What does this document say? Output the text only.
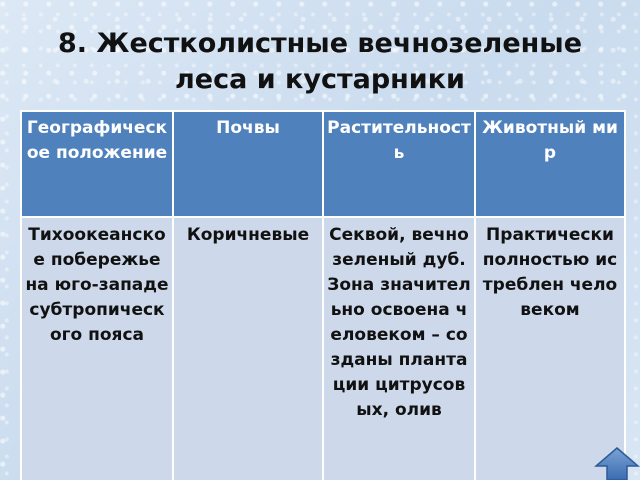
8. Жестколистные вечнозеленые
леса и кустарники
Географическое положение	Почвы	Растительность	Животный мир
Тихоокеанское побережье на юго-западе субтропического пояса	Коричневые	Секвой, вечнозеленый дуб. Зона значительно освоена человеком – созданы плантации цитрусовых, олив	Практически полностью истреблен человеком
